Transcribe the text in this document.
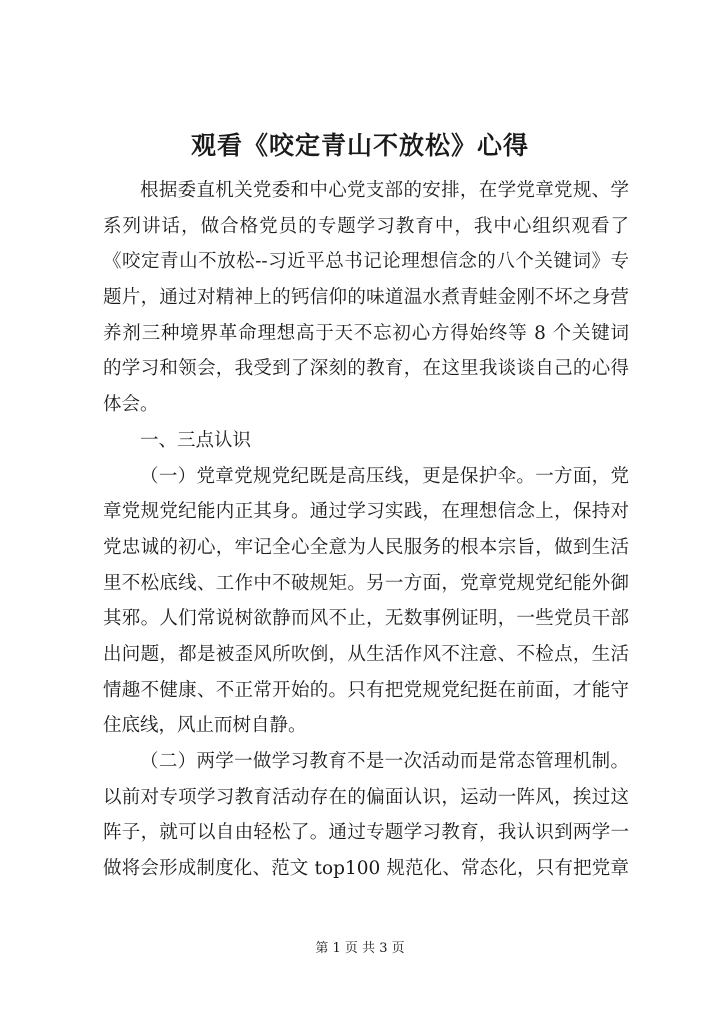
观看《咬定青山不放松》心得
根据委直机关党委和中心党支部的安排，在学党章党规、学
系列讲话，做合格党员的专题学习教育中，我中心组织观看了
《咬定青山不放松--习近平总书记论理想信念的八个关键词》专
题片，通过对精神上的钙信仰的味道温水煮青蛙金刚不坏之身营
养剂三种境界革命理想高于天不忘初心方得始终等 8 个关键词
的学习和领会，我受到了深刻的教育，在这里我谈谈自己的心得
体会。
一、三点认识
（一）党章党规党纪既是高压线，更是保护伞。一方面，党
章党规党纪能内正其身。通过学习实践，在理想信念上，保持对
党忠诚的初心，牢记全心全意为人民服务的根本宗旨，做到生活
里不松底线、工作中不破规矩。另一方面，党章党规党纪能外御
其邪。人们常说树欲静而风不止，无数事例证明，一些党员干部
出问题，都是被歪风所吹倒，从生活作风不注意、不检点，生活
情趣不健康、不正常开始的。只有把党规党纪挺在前面，才能守
住底线，风止而树自静。
（二）两学一做学习教育不是一次活动而是常态管理机制。
以前对专项学习教育活动存在的偏面认识，运动一阵风，挨过这
阵子，就可以自由轻松了。通过专题学习教育，我认识到两学一
做将会形成制度化、范文 top100 规范化、常态化，只有把党章
第 1 页 共 3 页
